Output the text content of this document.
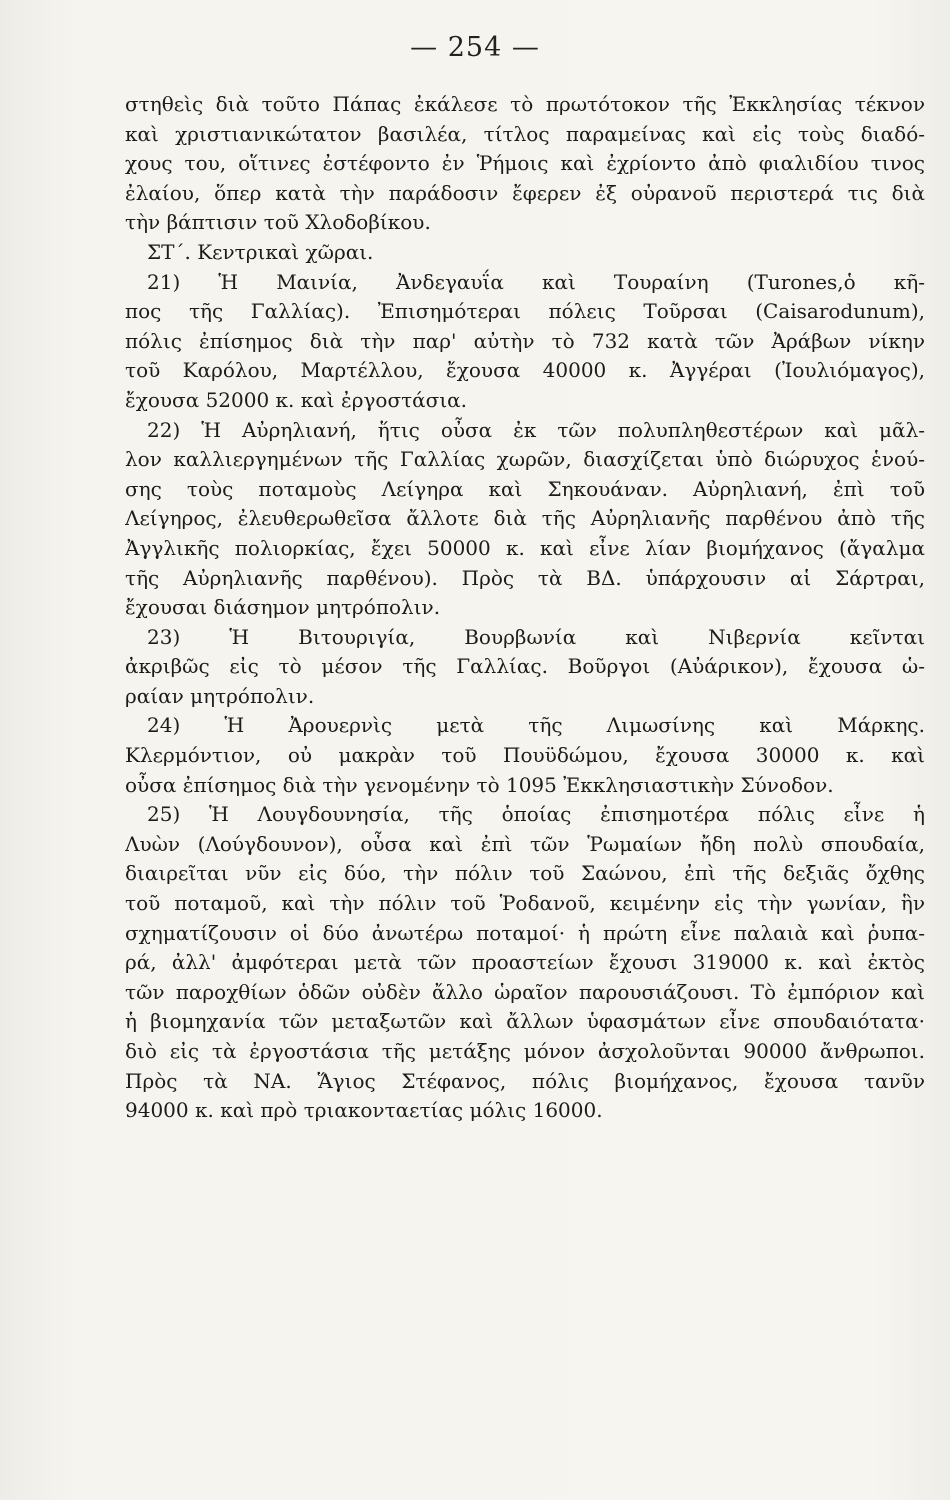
— 254 —
στηθεὶς διὰ τοῦτο Πάπας ἐκάλεσε τὸ πρωτότοκον τῆς Ἐκκλησίας τέκνον
καὶ χριστιανικώτατον βασιλέα, τίτλος παραμείνας καὶ εἰς τοὺς διαδό-
χους του, οἵτινες ἐστέφοντο ἐν Ῥήμοις καὶ ἐχρίοντο ἀπὸ φιαλιδίου τινος
ἐλαίου, ὅπερ κατὰ τὴν παράδοσιν ἔφερεν ἐξ οὐρανοῦ περιστερά τις διὰ
τὴν βάπτισιν τοῦ Χλοδοβίκου.
ΣΤ΄. Κεντρικαὶ χῶραι.
21) Ἡ Μαινία, Ἀνδεγαυΐα καὶ Τουραίνη (Turones,ὁ κῆ-
πος τῆς Γαλλίας). Ἐπισημότεραι πόλεις Τοῦρσαι (Caisarodunum),
πόλις ἐπίσημος διὰ τὴν παρ' αὐτὴν τὸ 732 κατὰ τῶν Ἀράβων νίκην
τοῦ Καρόλου, Μαρτέλλου, ἔχουσα 40000 κ. Ἀγγέραι (Ἰουλιόμαγος),
ἔχουσα 52000 κ. καὶ ἐργοστάσια.
22) Ἡ Αὐρηλιανή, ἥτις οὖσα ἐκ τῶν πολυπληθεστέρων καὶ μᾶλ-
λον καλλιεργημένων τῆς Γαλλίας χωρῶν, διασχίζεται ὑπὸ διώρυχος ἑνού-
σης τοὺς ποταμοὺς Λείγηρα καὶ Σηκουάναν. Αὐρηλιανή, ἐπὶ τοῦ
Λείγηρος, ἐλευθερωθεῖσα ἄλλοτε διὰ τῆς Αὐρηλιανῆς παρθένου ἀπὸ τῆς
Ἀγγλικῆς πολιορκίας, ἔχει 50000 κ. καὶ εἶνε λίαν βιομήχανος (ἄγαλμα
τῆς Αὐρηλιανῆς παρθένου). Πρὸς τὰ ΒΔ. ὑπάρχουσιν αἱ Σάρτραι,
ἔχουσαι διάσημον μητρόπολιν.
23) Ἡ Βιτουριγία, Βουρβωνία καὶ Νιβερνία κεῖνται
ἀκριβῶς εἰς τὸ μέσον τῆς Γαλλίας. Βοῦργοι (Αὐάρικον), ἔχουσα ὡ-
ραίαν μητρόπολιν.
24) Ἡ Ἀρουερνὶς μετὰ τῆς Λιμωσίνης καὶ Μάρκης.
Κλερμόντιον, οὐ μακρὰν τοῦ Πουϋδώμου, ἔχουσα 30000 κ. καὶ
οὖσα ἐπίσημος διὰ τὴν γενομένην τὸ 1095 Ἐκκλησιαστικὴν Σύνοδον.
25) Ἡ Λουγδουνησία, τῆς ὁποίας ἐπισημοτέρα πόλις εἶνε ἡ
Λυὼν (Λούγδουνον), οὖσα καὶ ἐπὶ τῶν Ῥωμαίων ἤδη πολὺ σπουδαία,
διαιρεῖται νῦν εἰς δύο, τὴν πόλιν τοῦ Σαώνου, ἐπὶ τῆς δεξιᾶς ὄχθης
τοῦ ποταμοῦ, καὶ τὴν πόλιν τοῦ Ῥοδανοῦ, κειμένην εἰς τὴν γωνίαν, ἣν
σχηματίζουσιν οἱ δύο ἀνωτέρω ποταμοί· ἡ πρώτη εἶνε παλαιὰ καὶ ῥυπα-
ρά, ἀλλ' ἀμφότεραι μετὰ τῶν προαστείων ἔχουσι 319000 κ. καὶ ἐκτὸς
τῶν παροχθίων ὁδῶν οὐδὲν ἄλλο ὡραῖον παρουσιάζουσι. Τὸ ἐμπόριον καὶ
ἡ βιομηχανία τῶν μεταξωτῶν καὶ ἄλλων ὑφασμάτων εἶνε σπουδαιότατα·
διὸ εἰς τὰ ἐργοστάσια τῆς μετάξης μόνον ἀσχολοῦνται 90000 ἄνθρωποι.
Πρὸς τὰ ΝΑ. Ἅγιος Στέφανος, πόλις βιομήχανος, ἔχουσα τανῦν
94000 κ. καὶ πρὸ τριακονταετίας μόλις 16000.
